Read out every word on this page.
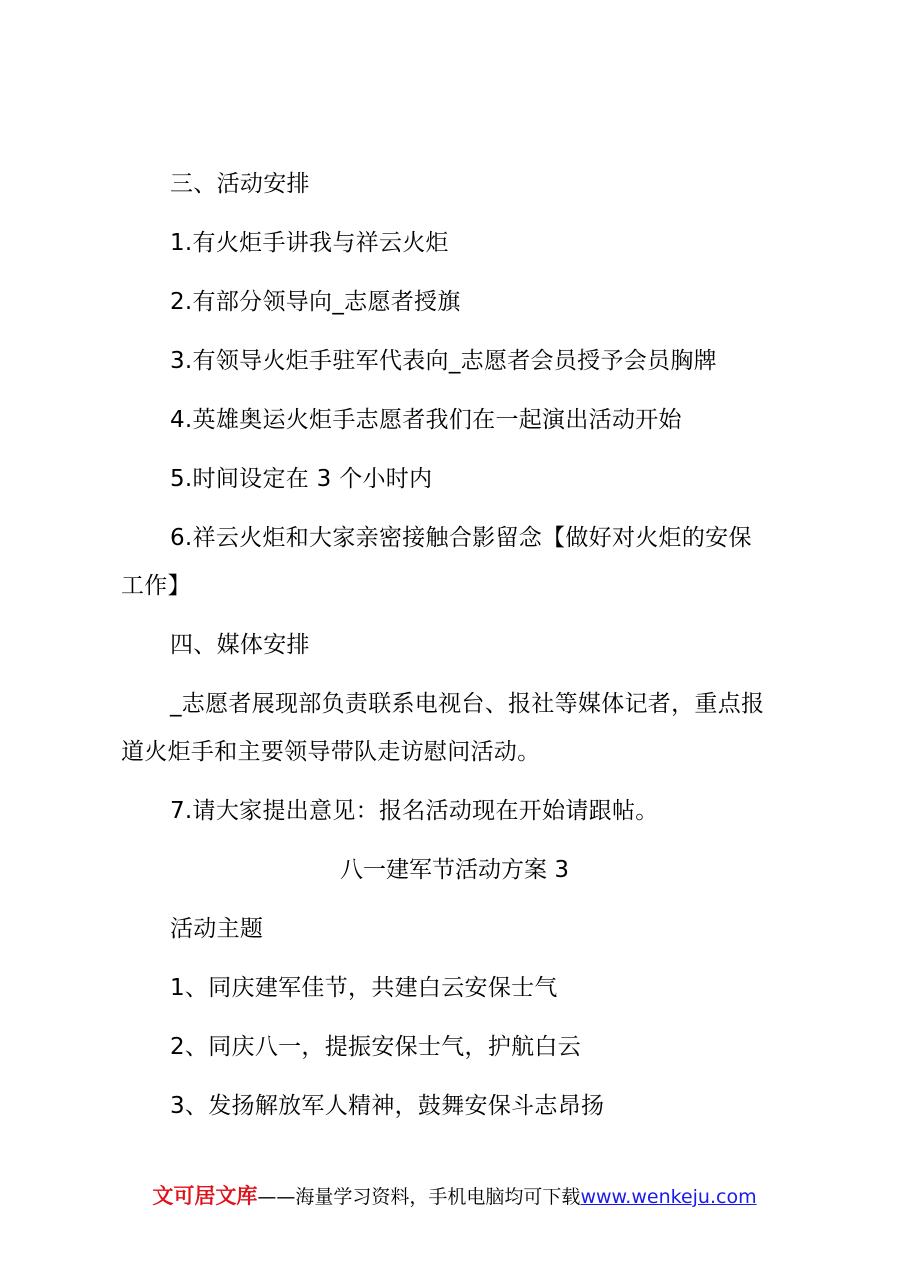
三、活动安排
1.有火炬手讲我与祥云火炬
2.有部分领导向_志愿者授旗
3.有领导火炬手驻军代表向_志愿者会员授予会员胸牌
4.英雄奥运火炬手志愿者我们在一起演出活动开始
5.时间设定在 3 个小时内
6.祥云火炬和大家亲密接触合影留念【做好对火炬的安保
工作】
四、媒体安排
_志愿者展现部负责联系电视台、报社等媒体记者，重点报
道火炬手和主要领导带队走访慰问活动。
7.请大家提出意见：报名活动现在开始请跟帖。
八一建军节活动方案 3
活动主题
1、同庆建军佳节，共建白云安保士气
2、同庆八一，提振安保士气，护航白云
3、发扬解放军人精神，鼓舞安保斗志昂扬
文可居文库——海量学习资料，手机电脑均可下载www.wenkeju.com
